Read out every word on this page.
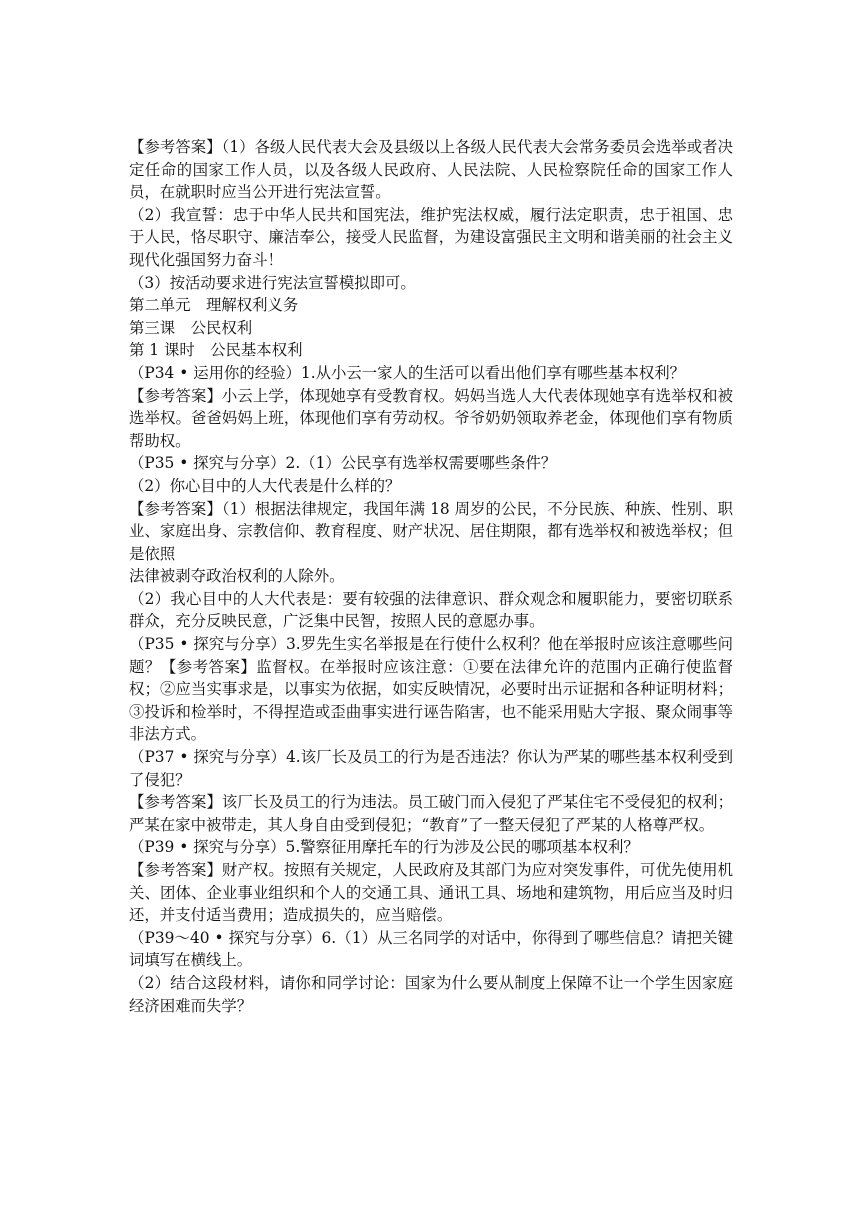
【参考答案】（1）各级人民代表大会及县级以上各级人民代表大会常务委员会选举或者决定任命的国家工作人员，以及各级人民政府、人民法院、人民检察院任命的国家工作人员，在就职时应当公开进行宪法宣誓。

（2）我宣誓：忠于中华人民共和国宪法，维护宪法权威，履行法定职责，忠于祖国、忠于人民，恪尽职守、廉洁奉公，接受人民监督，为建设富强民主文明和谐美丽的社会主义现代化强国努力奋斗！

（3）按活动要求进行宪法宣誓模拟即可。

第二单元　理解权利义务

第三课　公民权利

第 1 课时　公民基本权利

（P34 • 运用你的经验）1.从小云一家人的生活可以看出他们享有哪些基本权利？

【参考答案】小云上学，体现她享有受教育权。妈妈当选人大代表体现她享有选举权和被选举权。爸爸妈妈上班，体现他们享有劳动权。爷爷奶奶领取养老金，体现他们享有物质帮助权。

（P35 • 探究与分享）2.（1）公民享有选举权需要哪些条件？

（2）你心目中的人大代表是什么样的？

【参考答案】（1）根据法律规定，我国年满 18 周岁的公民，不分民族、种族、性别、职业、家庭出身、宗教信仰、教育程度、财产状况、居住期限，都有选举权和被选举权；但是依照

法律被剥夺政治权利的人除外。

（2）我心目中的人大代表是：要有较强的法律意识、群众观念和履职能力，要密切联系群众，充分反映民意，广泛集中民智，按照人民的意愿办事。

（P35 • 探究与分享）3.罗先生实名举报是在行使什么权利？他在举报时应该注意哪些问题？【参考答案】监督权。在举报时应该注意：①要在法律允许的范围内正确行使监督权；②应当实事求是，以事实为依据，如实反映情况，必要时出示证据和各种证明材料；③投诉和检举时，不得捏造或歪曲事实进行诬告陷害，也不能采用贴大字报、聚众闹事等非法方式。

（P37 • 探究与分享）4.该厂长及员工的行为是否违法？你认为严某的哪些基本权利受到了侵犯？

【参考答案】该厂长及员工的行为违法。员工破门而入侵犯了严某住宅不受侵犯的权利；严某在家中被带走，其人身自由受到侵犯；“教育”了一整天侵犯了严某的人格尊严权。

（P39 • 探究与分享）5.警察征用摩托车的行为涉及公民的哪项基本权利？

【参考答案】财产权。按照有关规定，人民政府及其部门为应对突发事件，可优先使用机关、团体、企业事业组织和个人的交通工具、通讯工具、场地和建筑物，用后应当及时归还，并支付适当费用；造成损失的，应当赔偿。

（P39～40 • 探究与分享）6.（1）从三名同学的对话中，你得到了哪些信息？请把关键词填写在横线上。

（2）结合这段材料，请你和同学讨论：国家为什么要从制度上保障不让一个学生因家庭经济困难而失学？
